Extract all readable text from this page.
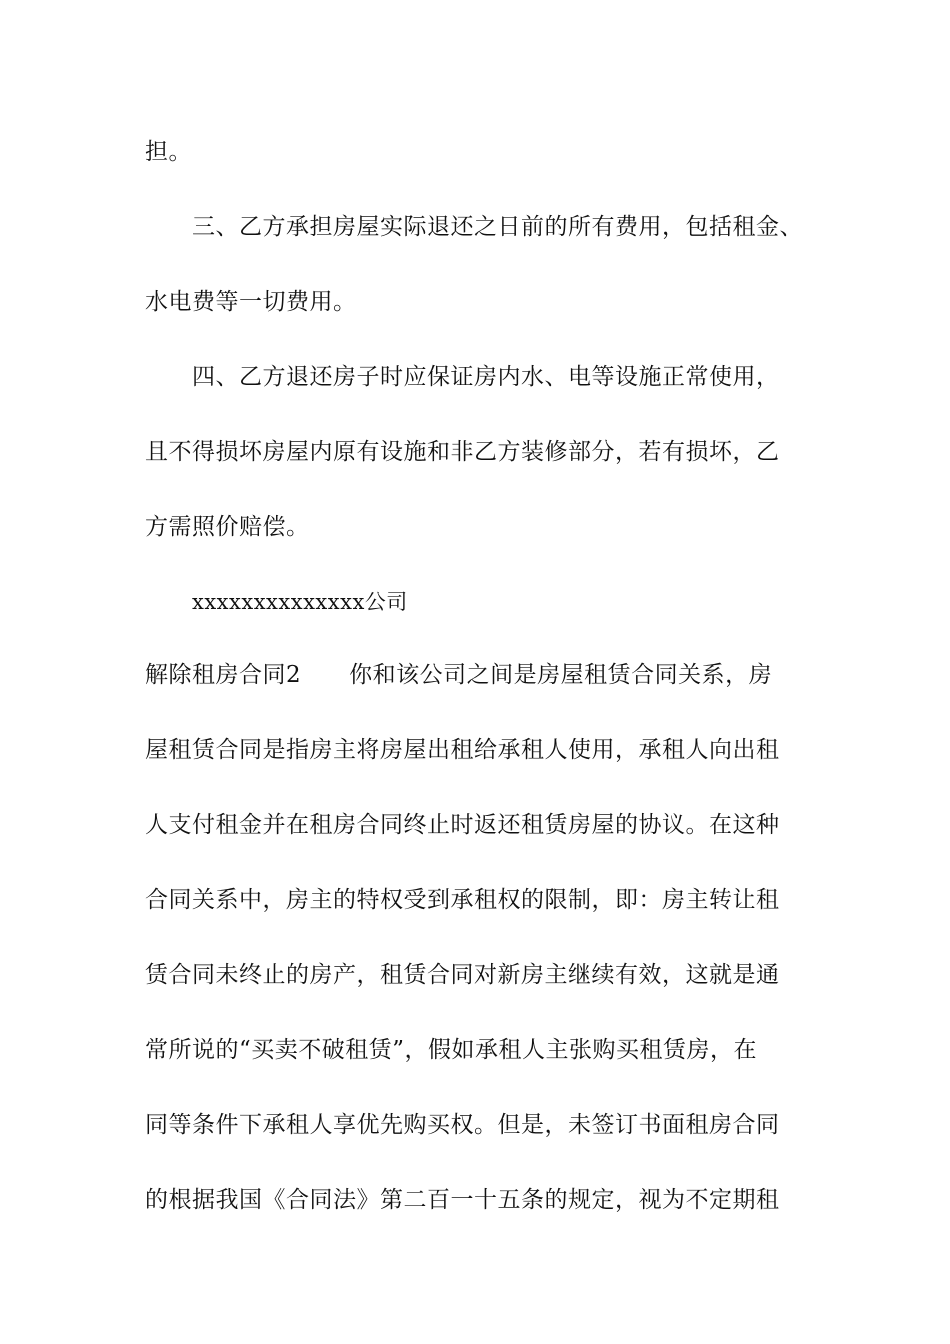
担。
三、乙方承担房屋实际退还之日前的所有费用，包括租金、
水电费等一切费用。
四、乙方退还房子时应保证房内水、电等设施正常使用，
且不得损坏房屋内原有设施和非乙方装修部分，若有损坏，乙
方需照价赔偿。
xxxxxxxxxxxxxx公司
解除租房合同2 你和该公司之间是房屋租赁合同关系，房
屋租赁合同是指房主将房屋出租给承租人使用，承租人向出租
人支付租金并在租房合同终止时返还租赁房屋的协议。在这种
合同关系中，房主的特权受到承租权的限制，即：房主转让租
赁合同未终止的房产，租赁合同对新房主继续有效，这就是通
常所说的“买卖不破租赁”，假如承租人主张购买租赁房，在
同等条件下承租人享优先购买权。但是，未签订书面租房合同
的根据我国《合同法》第二百一十五条的规定，视为不定期租
